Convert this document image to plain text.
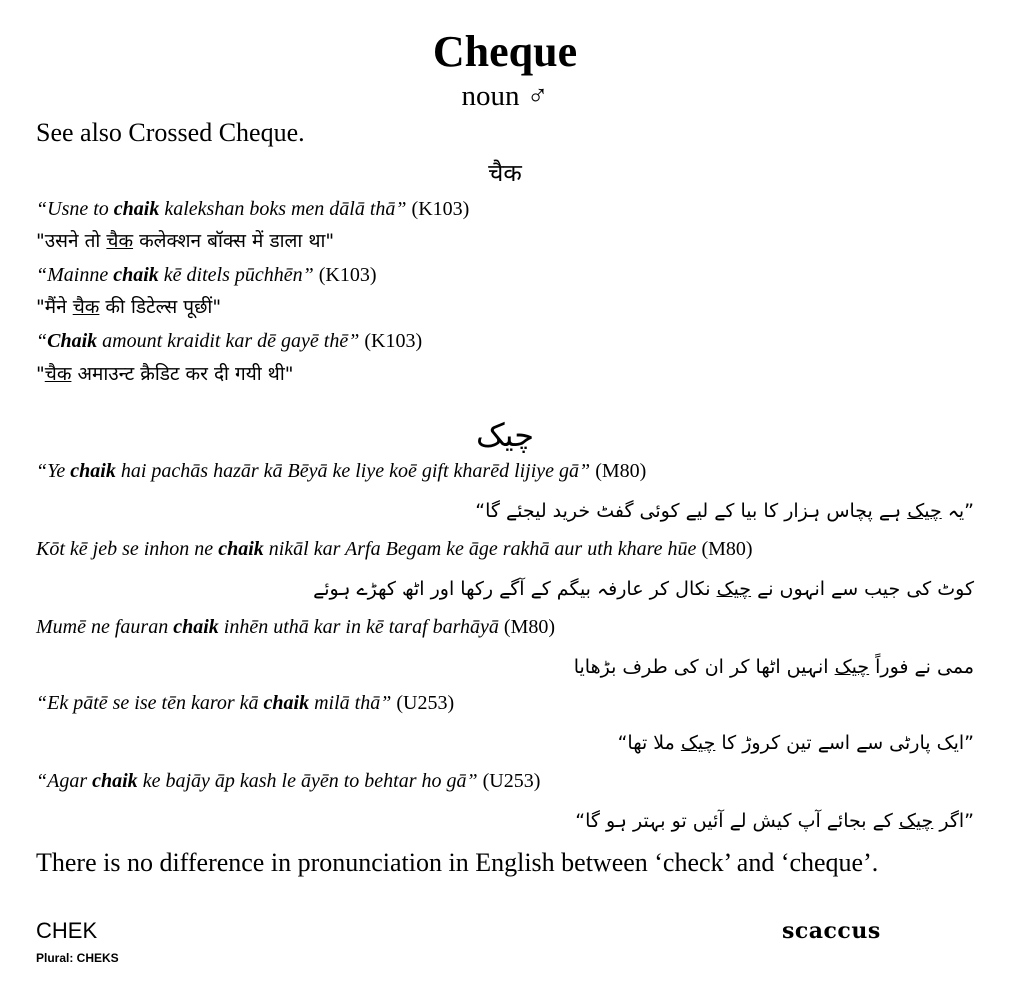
Cheque
noun ♂
See also Crossed Cheque.
चैक
“Usne to chaik kalekshan boks men dālā thā” (K103)
"उसने तो चैक कलेक्शन बॉक्स में डाला था"
“Mainne chaik kē ditels pūchhēn” (K103)
"मैंने चैक की डिटेल्स पूछीं"
“Chaik amount kraidit kar dē gayē thē” (K103)
"चैक अमाउन्ट क्रैडिट कर दी गयी थी"
چیک
“Ye chaik hai pachās hazār kā Bēyā ke liye koē gift kharēd lijiye gā” (M80)
”یہ چیک ہے پچاس ہزار کا بیا کے لیے کوئی گفٹ خرید لیجئے گا“
Kōt kē jeb se inhon ne chaik nikāl kar Arfa Begam ke āge rakhā aur uth khare hūe (M80)
کوٹ کی جیب سے انہوں نے چیک نکال کر عارفہ بیگم کے آگے رکھا اور اٹھ کھڑے ہوئے
Mumē ne fauran chaik inhēn uthā kar in kē taraf barhāyā (M80)
ممی نے فوراً چیک انہیں اٹھا کر ان کی طرف بڑھایا
“Ek pātē se ise tēn karor kā chaik milā thā” (U253)
”ایک پارٹی سے اسے تین کروڑ کا چیک ملا تھا“
“Agar chaik ke bajāy āp kash le āyēn to behtar ho gā” (U253)
”اگر چیک کے بجائے آپ کیش لے آئیں تو بہتر ہو گا“
There is no difference in pronunciation in English between ‘check’ and ‘cheque’.
CHEK
Plural: CHEKS
scaccus
